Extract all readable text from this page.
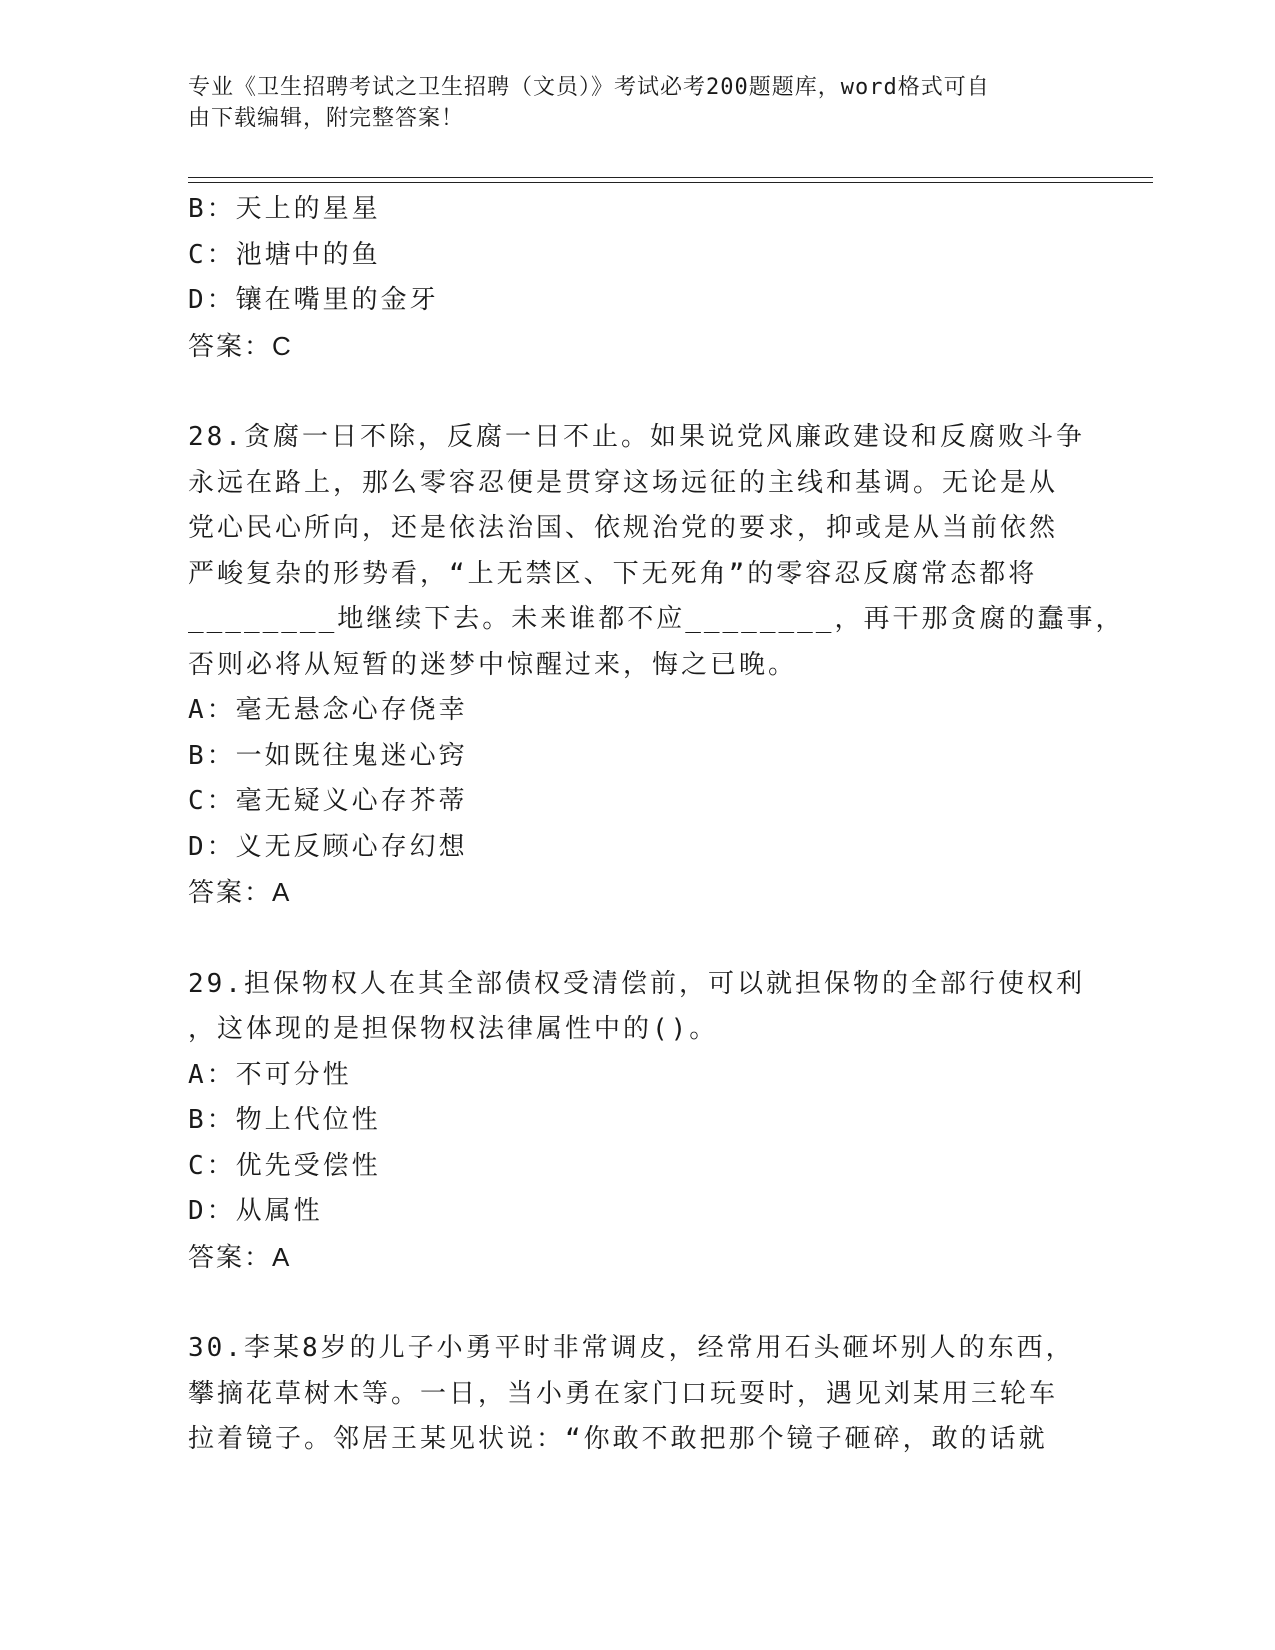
专业《卫生招聘考试之卫生招聘（文员）》考试必考200题题库，word格式可自
由下载编辑，附完整答案！
B：天上的星星
C：池塘中的鱼
D：镶在嘴里的金牙
答案：C
28.贪腐一日不除，反腐一日不止。如果说党风廉政建设和反腐败斗争
永远在路上，那么零容忍便是贯穿这场远征的主线和基调。无论是从
党心民心所向，还是依法治国、依规治党的要求，抑或是从当前依然
严峻复杂的形势看，“上无禁区、下无死角”的零容忍反腐常态都将
________地继续下去。未来谁都不应________，再干那贪腐的蠢事，
否则必将从短暂的迷梦中惊醒过来，悔之已晚。
A：毫无悬念心存侥幸
B：一如既往鬼迷心窍
C：毫无疑义心存芥蒂
D：义无反顾心存幻想
答案：A
29.担保物权人在其全部债权受清偿前，可以就担保物的全部行使权利
，这体现的是担保物权法律属性中的()。
A：不可分性
B：物上代位性
C：优先受偿性
D：从属性
答案：A
30.李某8岁的儿子小勇平时非常调皮，经常用石头砸坏别人的东西，
攀摘花草树木等。一日，当小勇在家门口玩耍时，遇见刘某用三轮车
拉着镜子。邻居王某见状说：“你敢不敢把那个镜子砸碎，敢的话就
